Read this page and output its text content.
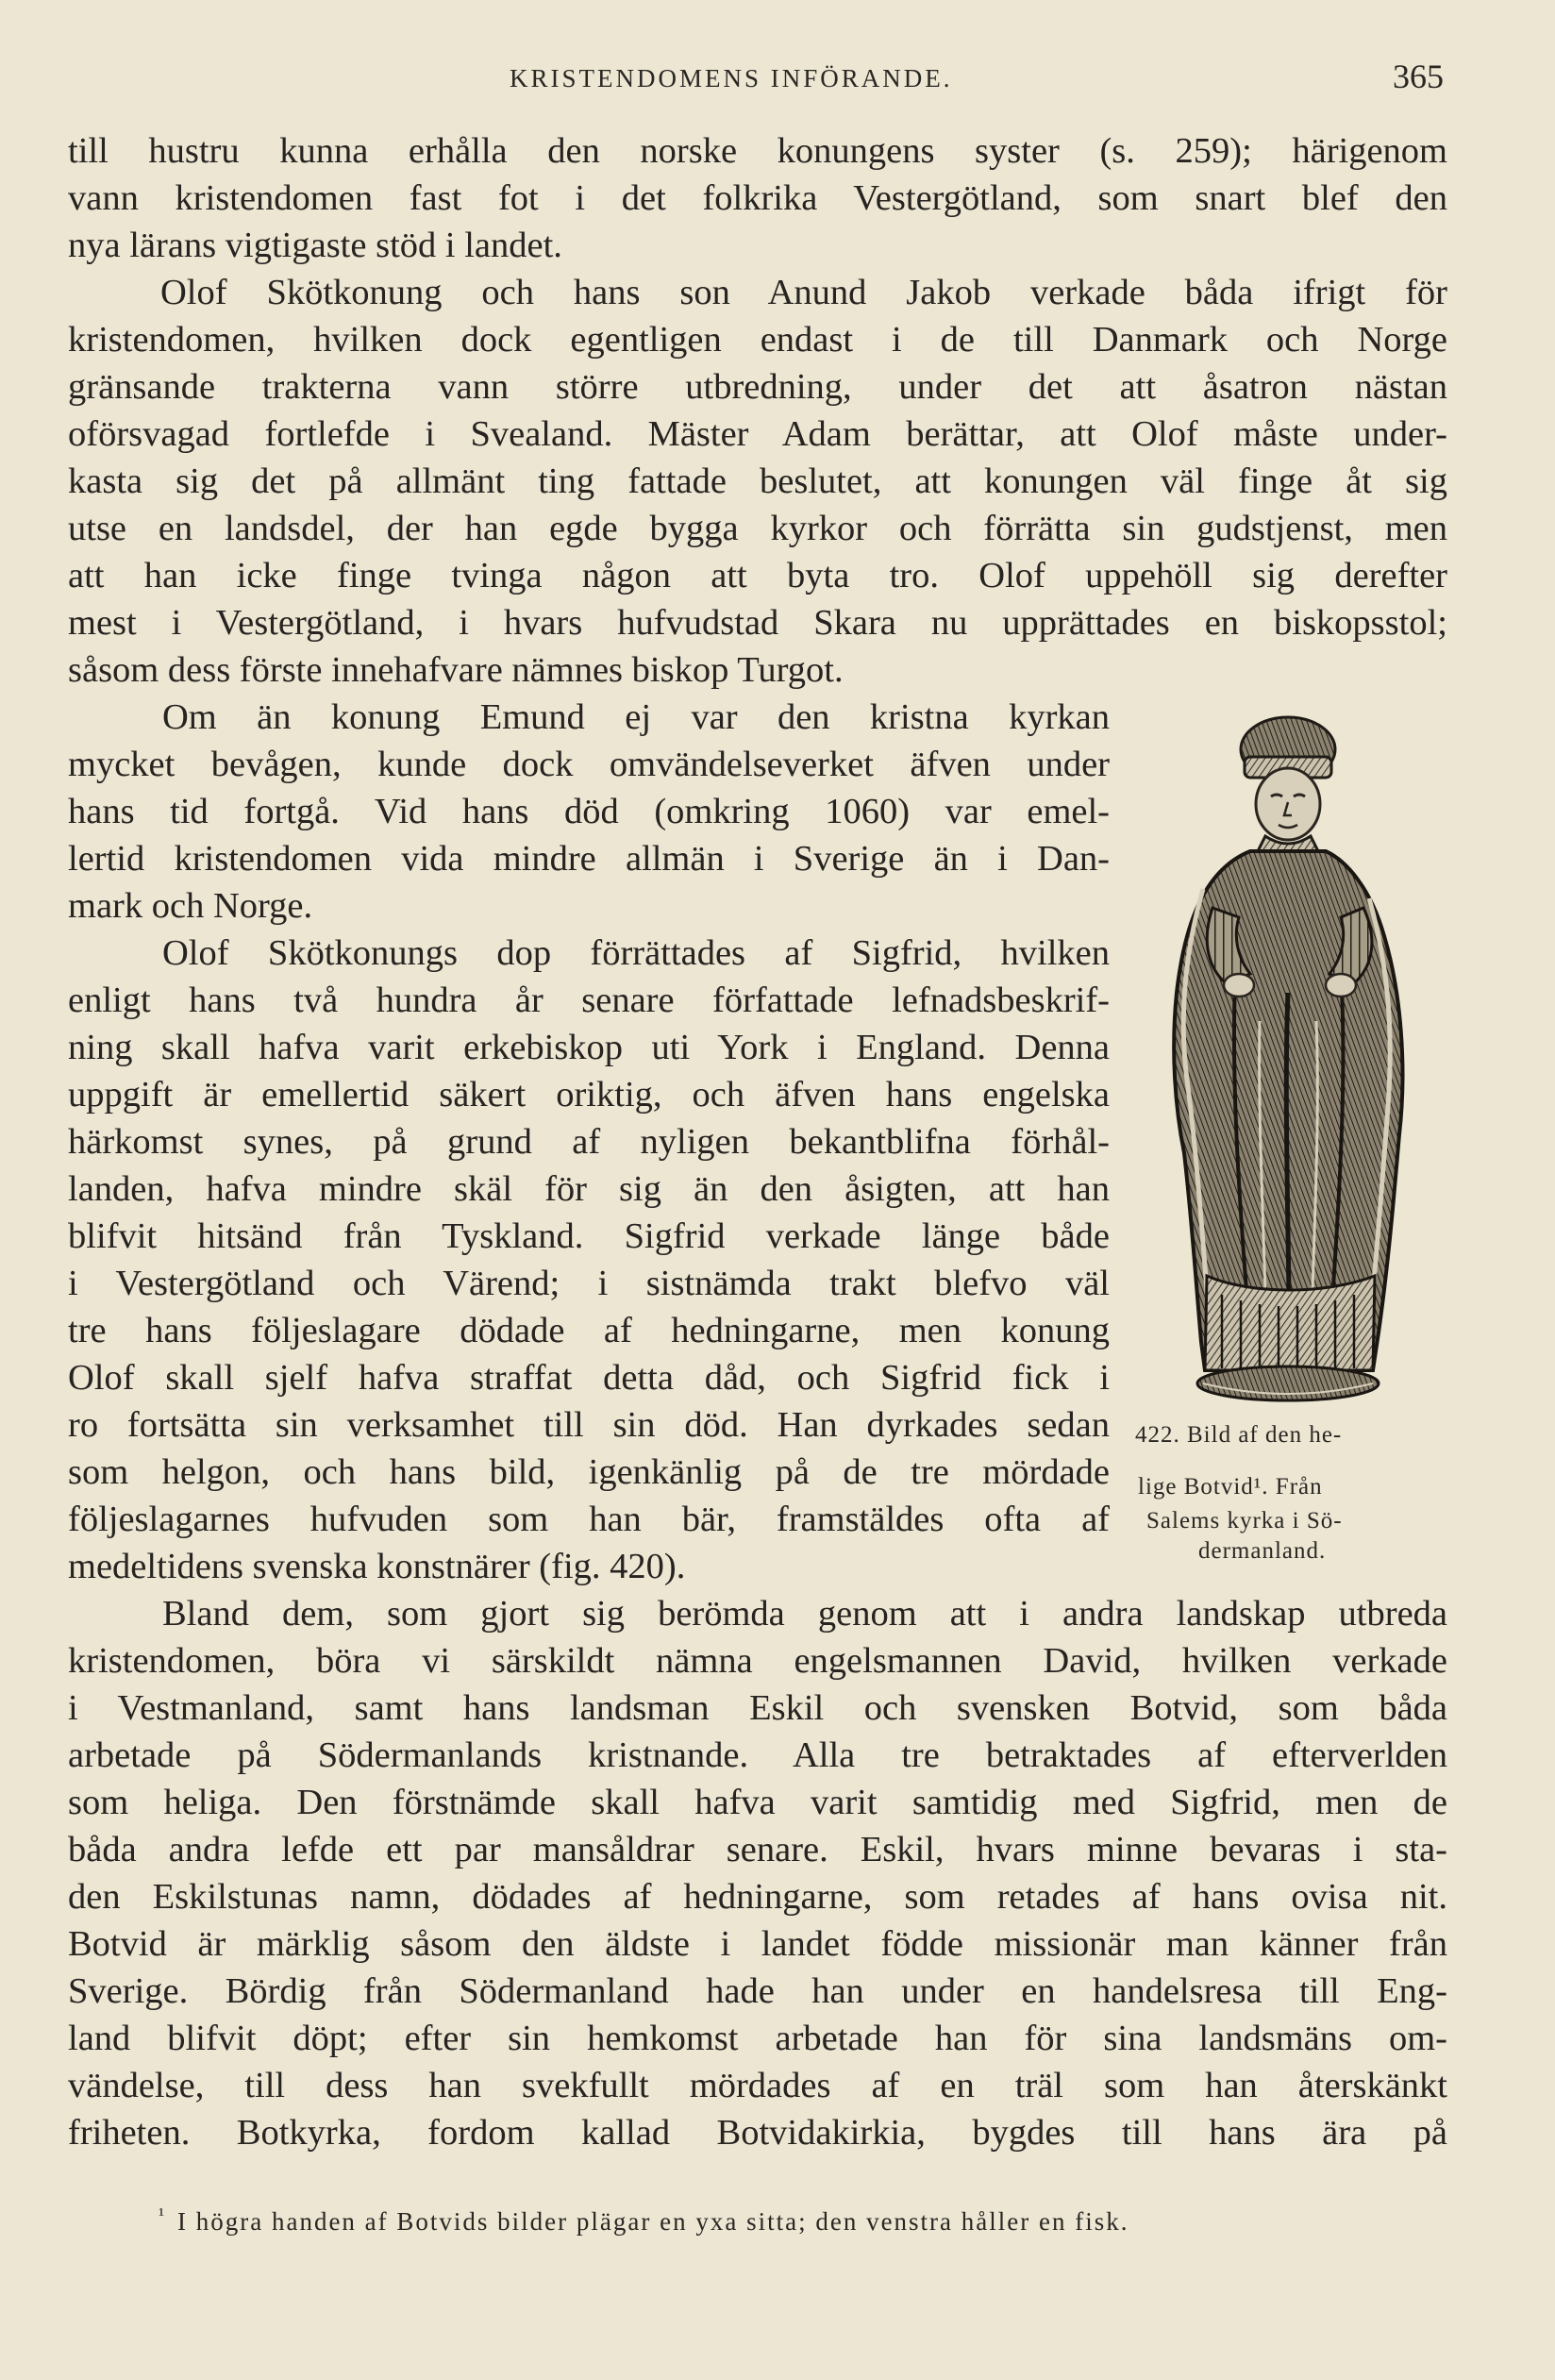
KRISTENDOMENS INFÖRANDE.	365
till hustru kunna erhålla den norske konungens syster (s. 259); härigenom
vann kristendomen fast fot i det folkrika Vestergötland, som snart blef den
nya lärans vigtigaste stöd i landet.
Olof Skötkonung och hans son Anund Jakob verkade båda ifrigt för
kristendomen, hvilken dock egentligen endast i de till Danmark och Norge
gränsande trakterna vann större utbredning, under det att åsatron nästan
oförsvagad fortlefde i Svealand. Mäster Adam berättar, att Olof måste under-
kasta sig det på allmänt ting fattade beslutet, att konungen väl finge åt sig
utse en landsdel, der han egde bygga kyrkor och förrätta sin gudstjenst, men
att han icke finge tvinga någon att byta tro. Olof uppehöll sig derefter
mest i Vestergötland, i hvars hufvudstad Skara nu upprättades en biskopsstol;
såsom dess förste innehafvare nämnes biskop Turgot.
Om än konung Emund ej var den kristna kyrkan
mycket bevågen, kunde dock omvändelseverket äfven under
hans tid fortgå. Vid hans död (omkring 1060) var emel-
lertid kristendomen vida mindre allmän i Sverige än i Dan-
mark och Norge.
Olof Skötkonungs dop förrättades af Sigfrid, hvilken
enligt hans två hundra år senare författade lefnadsbeskrif-
ning skall hafva varit erkebiskop uti York i England. Denna
uppgift är emellertid säkert oriktig, och äfven hans engelska
härkomst synes, på grund af nyligen bekantblifna förhål-
landen, hafva mindre skäl för sig än den åsigten, att han
blifvit hitsänd från Tyskland. Sigfrid verkade länge både
i Vestergötland och Värend; i sistnämda trakt blefvo väl
tre hans följeslagare dödade af hedningarne, men konung
Olof skall sjelf hafva straffat detta dåd, och Sigfrid fick i
ro fortsätta sin verksamhet till sin död. Han dyrkades sedan
som helgon, och hans bild, igenkänlig på de tre mördade
följeslagarnes hufvuden som han bär, framstäldes ofta af
medeltidens svenska konstnärer (fig. 420).
Bland dem, som gjort sig berömda genom att i andra landskap utbreda
kristendomen, böra vi särskildt nämna engelsmannen David, hvilken verkade
i Vestmanland, samt hans landsman Eskil och svensken Botvid, som båda
arbetade på Södermanlands kristnande. Alla tre betraktades af efterverlden
som heliga. Den förstnämde skall hafva varit samtidig med Sigfrid, men de
båda andra lefde ett par mansåldrar senare. Eskil, hvars minne bevaras i sta-
den Eskilstunas namn, dödades af hedningarne, som retades af hans ovisa nit.
Botvid är märklig såsom den äldste i landet födde missionär man känner från
Sverige. Bördig från Södermanland hade han under en handelsresa till Eng-
land blifvit döpt; efter sin hemkomst arbetade han för sina landsmäns om-
vändelse, till dess han svekfullt mördades af en träl som han återskänkt
friheten. Botkyrka, fordom kallad Botvidakirkia, bygdes till hans ära på
422. Bild af den he-
lige Botvid¹. Från
Salems kyrka i Sö-
dermanland.
$^{^1}$ I högra handen af Botvids bilder plägar en yxa sitta; den venstra håller en fisk.
